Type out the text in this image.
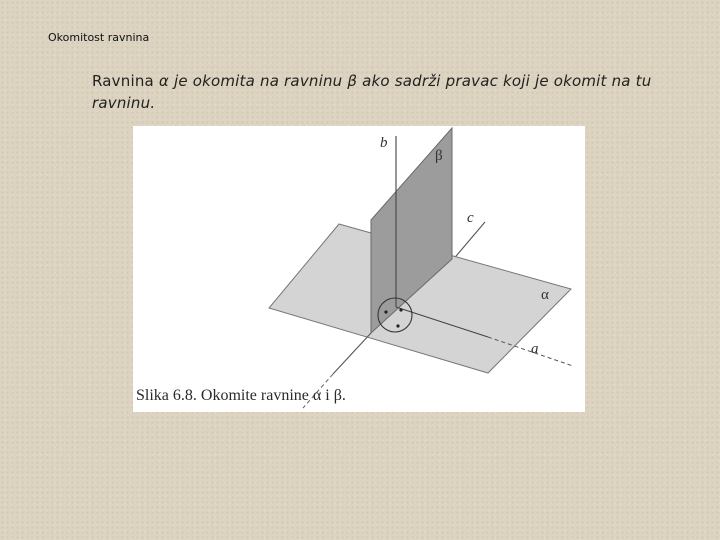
Okomitost ravnina
Ravnina α je okomita na ravninu β ako sadrži pravac koji je okomit na tu ravninu.
b
β
c
α
a
Slika 6.8. Okomite ravnine α i β.
